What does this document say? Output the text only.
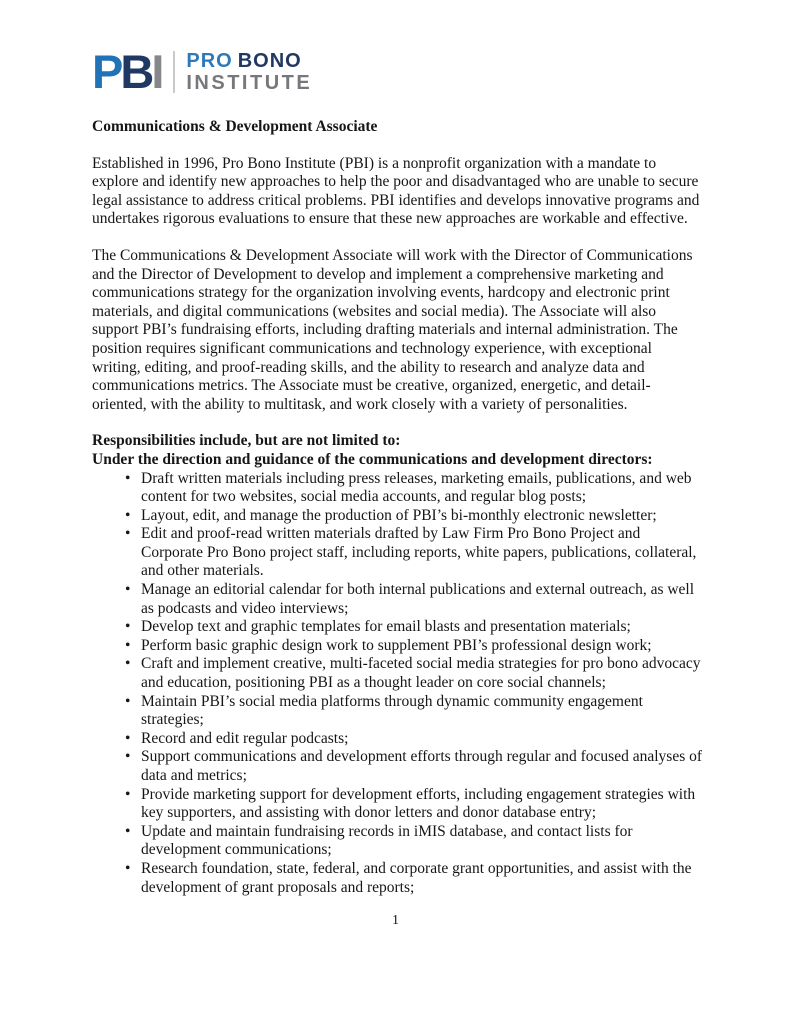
P B I PRO BONO
INSTITUTE
Communications & Development Associate

Established in 1996, Pro Bono Institute (PBI) is a nonprofit organization with a mandate to explore and identify new approaches to help the poor and disadvantaged who are unable to secure legal assistance to address critical problems. PBI identifies and develops innovative programs and undertakes rigorous evaluations to ensure that these new approaches are workable and effective.

The Communications & Development Associate will work with the Director of Communications and the Director of Development to develop and implement a comprehensive marketing and communications strategy for the organization involving events, hardcopy and electronic print materials, and digital communications (websites and social media). The Associate will also support PBI’s fundraising efforts, including drafting materials and internal administration. The position requires significant communications and technology experience, with exceptional writing, editing, and proof-reading skills, and the ability to research and analyze data and communications metrics. The Associate must be creative, organized, energetic, and detail-oriented, with the ability to multitask, and work closely with a variety of personalities.

Responsibilities include, but are not limited to:
Under the direction and guidance of the communications and development directors:
• Draft written materials including press releases, marketing emails, publications, and web content for two websites, social media accounts, and regular blog posts;
• Layout, edit, and manage the production of PBI’s bi-monthly electronic newsletter;
• Edit and proof-read written materials drafted by Law Firm Pro Bono Project and Corporate Pro Bono project staff, including reports, white papers, publications, collateral, and other materials.
• Manage an editorial calendar for both internal publications and external outreach, as well as podcasts and video interviews;
• Develop text and graphic templates for email blasts and presentation materials;
• Perform basic graphic design work to supplement PBI’s professional design work;
• Craft and implement creative, multi-faceted social media strategies for pro bono advocacy and education, positioning PBI as a thought leader on core social channels;
• Maintain PBI’s social media platforms through dynamic community engagement strategies;
• Record and edit regular podcasts;
• Support communications and development efforts through regular and focused analyses of data and metrics;
• Provide marketing support for development efforts, including engagement strategies with key supporters, and assisting with donor letters and donor database entry;
• Update and maintain fundraising records in iMIS database, and contact lists for development communications;
• Research foundation, state, federal, and corporate grant opportunities, and assist with the development of grant proposals and reports;
1
